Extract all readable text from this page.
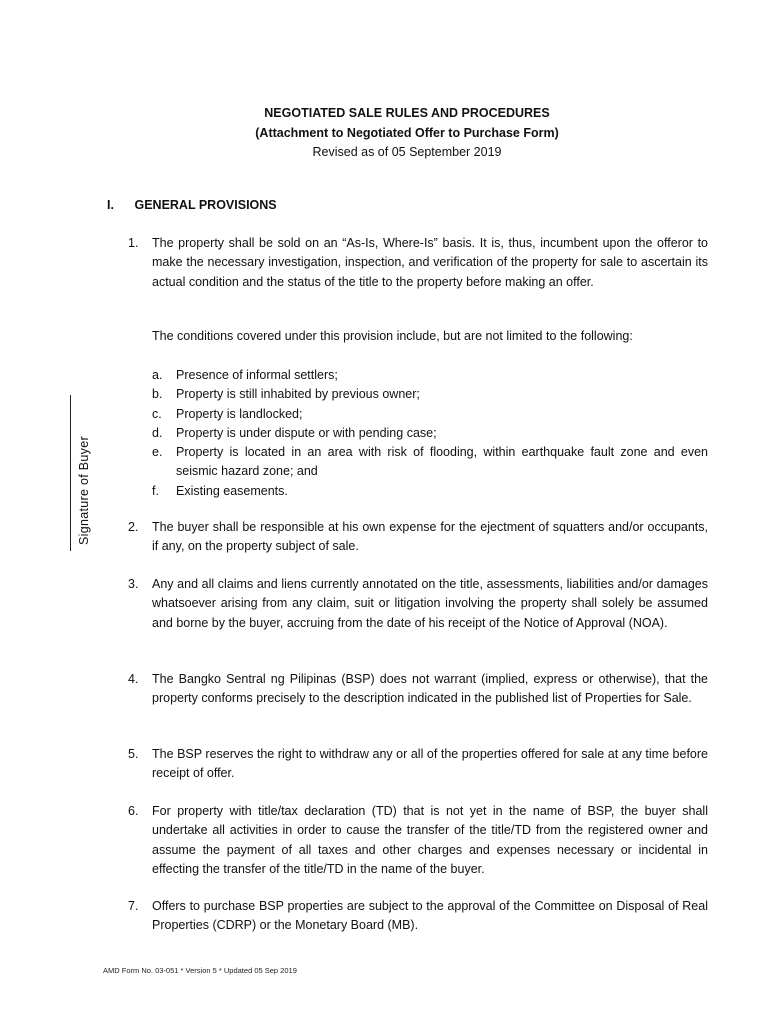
NEGOTIATED SALE RULES AND PROCEDURES
(Attachment to Negotiated Offer to Purchase Form)
Revised as of 05 September 2019
I. GENERAL PROVISIONS
1. The property shall be sold on an “As-Is, Where-Is” basis. It is, thus, incumbent upon the offeror to make the necessary investigation, inspection, and verification of the property for sale to ascertain its actual condition and the status of the title to the property before making an offer.
The conditions covered under this provision include, but are not limited to the following:
a. Presence of informal settlers;
b. Property is still inhabited by previous owner;
c. Property is landlocked;
d. Property is under dispute or with pending case;
e. Property is located in an area with risk of flooding, within earthquake fault zone and even seismic hazard zone; and
f. Existing easements.
2. The buyer shall be responsible at his own expense for the ejectment of squatters and/or occupants, if any, on the property subject of sale.
3. Any and all claims and liens currently annotated on the title, assessments, liabilities and/or damages whatsoever arising from any claim, suit or litigation involving the property shall solely be assumed and borne by the buyer, accruing from the date of his receipt of the Notice of Approval (NOA).
4. The Bangko Sentral ng Pilipinas (BSP) does not warrant (implied, express or otherwise), that the property conforms precisely to the description indicated in the published list of Properties for Sale.
5. The BSP reserves the right to withdraw any or all of the properties offered for sale at any time before receipt of offer.
6. For property with title/tax declaration (TD) that is not yet in the name of BSP, the buyer shall undertake all activities in order to cause the transfer of the title/TD from the registered owner and assume the payment of all taxes and other charges and expenses necessary or incidental in effecting the transfer of the title/TD in the name of the buyer.
7. Offers to purchase BSP properties are subject to the approval of the Committee on Disposal of Real Properties (CDRP) or the Monetary Board (MB).
Signature of Buyer
AMD Form No. 03-051 * Version 5 * Updated 05 Sep 2019
